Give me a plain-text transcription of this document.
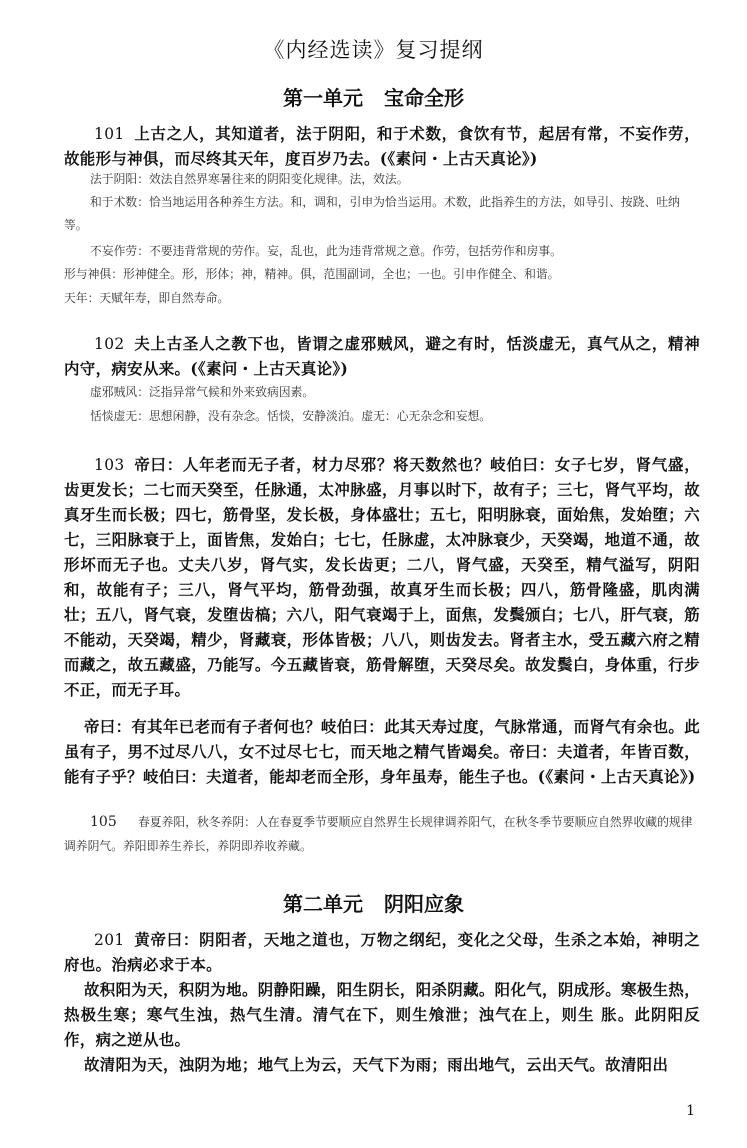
《内经选读》复习提纲
第一单元 宝命全形
101 上古之人，其知道者，法于阴阳，和于术数，食饮有节，起居有常，不妄作劳，故能形与神俱，而尽终其天年，度百岁乃去。(《素问・上古天真论》)
法于阴阳：效法自然界寒暑往来的阴阳变化规律。法，效法。
和于术数：恰当地运用各种养生方法。和，调和，引申为恰当运用。术数，此指养生的方法，如导引、按跷、吐纳等。
不妄作劳：不要违背常规的劳作。妄，乱也，此为违背常规之意。作劳，包括劳作和房事。
形与神俱：形神健全。形，形体；神，精神。俱，范围副词，全也；一也。引申作健全、和谐。
天年：天赋年寿，即自然寿命。
102 夫上古圣人之教下也，皆谓之虚邪贼风，避之有时，恬淡虚无，真气从之，精神内守，病安从来。(《素问・上古天真论》)
虚邪贼风：泛指异常气候和外来致病因素。
恬惔虚无：思想闲静，没有杂念。恬惔，安静淡泊。虚无：心无杂念和妄想。
103 帝曰：人年老而无子者，材力尽邪？将天数然也？岐伯曰：女子七岁，肾气盛，齿更发长；二七而天癸至，任脉通，太冲脉盛，月事以时下，故有子；三七，肾气平均，故真牙生而长极；四七，筋骨坚，发长极，身体盛壮；五七，阳明脉衰，面始焦，发始堕；六七，三阳脉衰于上，面皆焦，发始白；七七，任脉虚，太冲脉衰少，天癸竭，地道不通，故形坏而无子也。丈夫八岁，肾气实，发长齿更；二八，肾气盛，天癸至，精气溢写，阴阳和，故能有子；三八，肾气平均，筋骨劲强，故真牙生而长极；四八，筋骨隆盛，肌肉满壮；五八，肾气衰，发堕齿槁；六八，阳气衰竭于上，面焦，发鬓颁白；七八，肝气衰，筋不能动，天癸竭，精少，肾藏衰，形体皆极；八八，则齿发去。肾者主水，受五藏六府之精而藏之，故五藏盛，乃能写。今五藏皆衰，筋骨解堕，天癸尽矣。故发鬓白，身体重，行步不正，而无子耳。
帝曰：有其年已老而有子者何也？岐伯曰：此其天寿过度，气脉常通，而肾气有余也。此虽有子，男不过尽八八，女不过尽七七，而天地之精气皆竭矣。帝曰：夫道者，年皆百数，能有子乎？岐伯曰：夫道者，能却老而全形，身年虽寿，能生子也。(《素问・上古天真论》)
105 春夏养阳，秋冬养阴：人在春夏季节要顺应自然界生长规律调养阳气，在秋冬季节要顺应自然界收藏的规律调养阴气。养阳即养生养长，养阴即养收养藏。
第二单元 阴阳应象
201 黄帝曰：阴阳者，天地之道也，万物之纲纪，变化之父母，生杀之本始，神明之府也。治病必求于本。
故积阳为天，积阴为地。阴静阳躁，阳生阴长，阳杀阴藏。阳化气，阴成形。寒极生热，热极生寒；寒气生浊，热气生清。清气在下，则生飧泄；浊气在上，则生 胀。此阴阳反作，病之逆从也。
故清阳为天，浊阴为地；地气上为云，天气下为雨；雨出地气，云出天气。故清阳出
1
